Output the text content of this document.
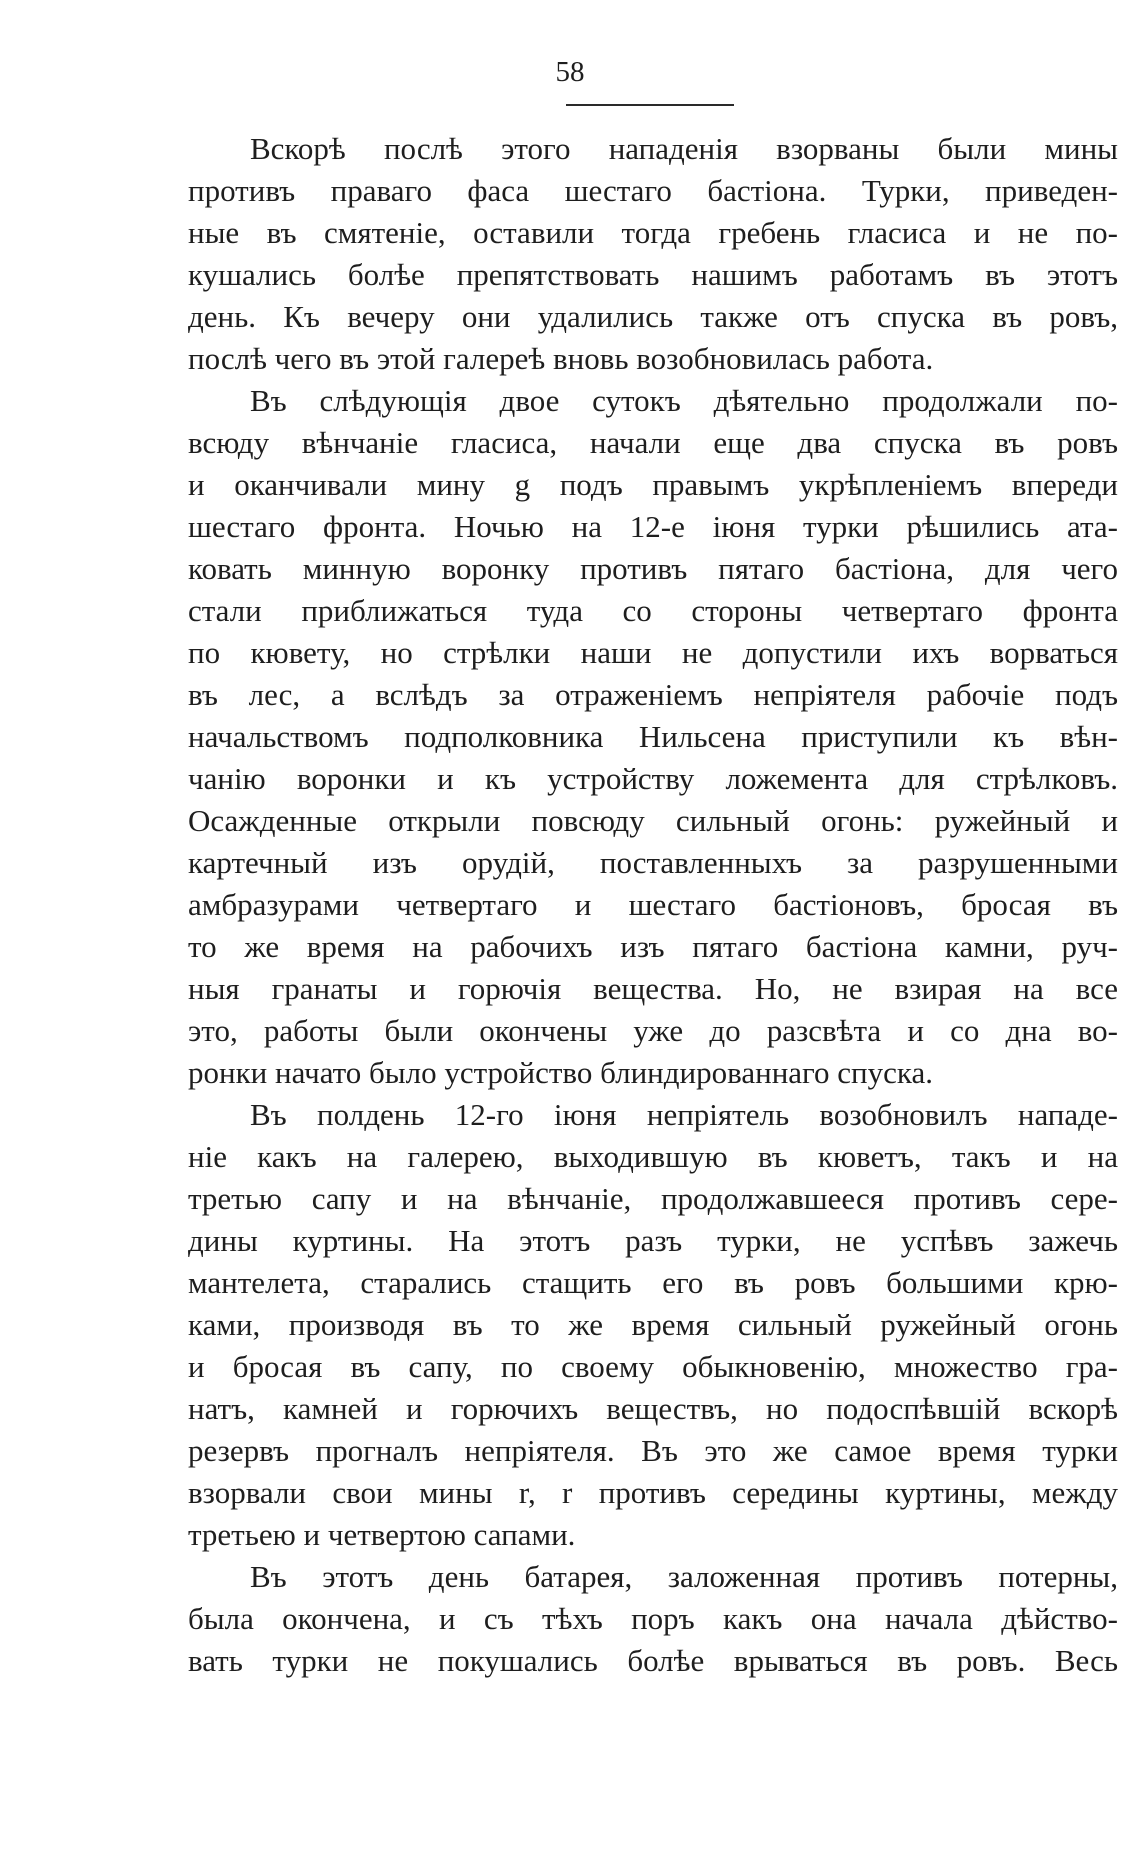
58
Вскорѣ послѣ этого нападенія взорваны были мины
противъ праваго фаса шестаго бастіона. Турки, приведен-
ные въ смятеніе, оставили тогда гребень гласиса и не по-
кушались болѣе препятствовать нашимъ работамъ въ этотъ
день. Къ вечеру они удалились также отъ спуска въ ровъ,
послѣ чего въ этой галереѣ вновь возобновилась работа.
Въ слѣдующія двое сутокъ дѣятельно продолжали по-
всюду вѣнчаніе гласиса, начали еще два спуска въ ровъ
и оканчивали мину g подъ правымъ укрѣпленіемъ впереди
шестаго фронта. Ночью на 12-е іюня турки рѣшились ата-
ковать минную воронку противъ пятаго бастіона, для чего
стали приближаться туда со стороны четвертаго фронта
по кювету, но стрѣлки наши не допустили ихъ ворваться
въ лес, а вслѣдъ за отраженіемъ непріятеля рабочіе подъ
начальствомъ подполковника Нильсена приступили къ вѣн-
чанію воронки и къ устройству ложемента для стрѣлковъ.
Осажденные открыли повсюду сильный огонь: ружейный и
картечный изъ орудій, поставленныхъ за разрушенными
амбразурами четвертаго и шестаго бастіоновъ, бросая въ
то же время на рабочихъ изъ пятаго бастіона камни, руч-
ныя гранаты и горючія вещества. Но, не взирая на все
это, работы были окончены уже до разсвѣта и со дна во-
ронки начато было устройство блиндированнаго спуска.
Въ полдень 12-го іюня непріятель возобновилъ нападе-
ніе какъ на галерею, выходившую въ кюветъ, такъ и на
третью сапу и на вѣнчаніе, продолжавшееся противъ сере-
дины куртины. На этотъ разъ турки, не успѣвъ зажечь
мантелета, старались стащить его въ ровъ большими крю-
ками, производя въ то же время сильный ружейный огонь
и бросая въ сапу, по своему обыкновенію, множество гра-
натъ, камней и горючихъ веществъ, но подоспѣвшій вскорѣ
резервъ прогналъ непріятеля. Въ это же самое время турки
взорвали свои мины r, r противъ середины куртины, между
третьею и четвертою сапами.
Въ этотъ день батарея, заложенная противъ потерны,
была окончена, и съ тѣхъ поръ какъ она начала дѣйство-
вать турки не покушались болѣе врываться въ ровъ. Весь
